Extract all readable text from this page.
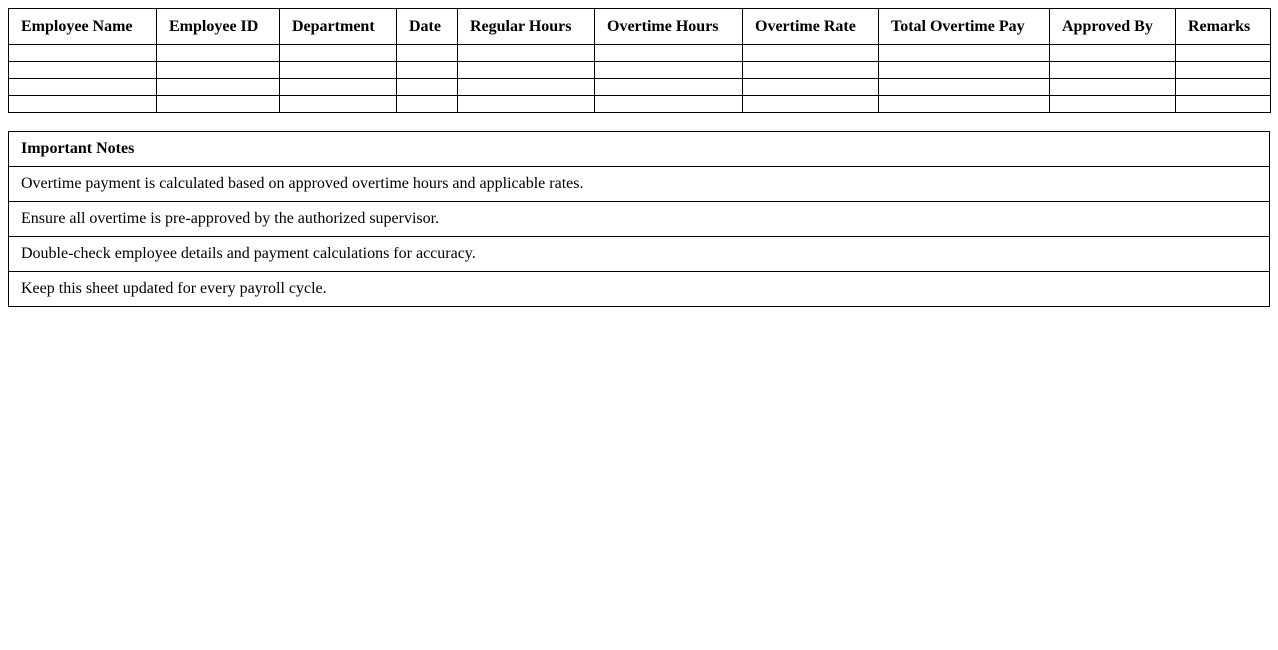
Employee Name	Employee ID	Department	Date	Regular Hours	Overtime Hours	Overtime Rate	Total Overtime Pay	Approved By	Remarks

Important Notes
Overtime payment is calculated based on approved overtime hours and applicable rates.
Ensure all overtime is pre-approved by the authorized supervisor.
Double-check employee details and payment calculations for accuracy.
Keep this sheet updated for every payroll cycle.
